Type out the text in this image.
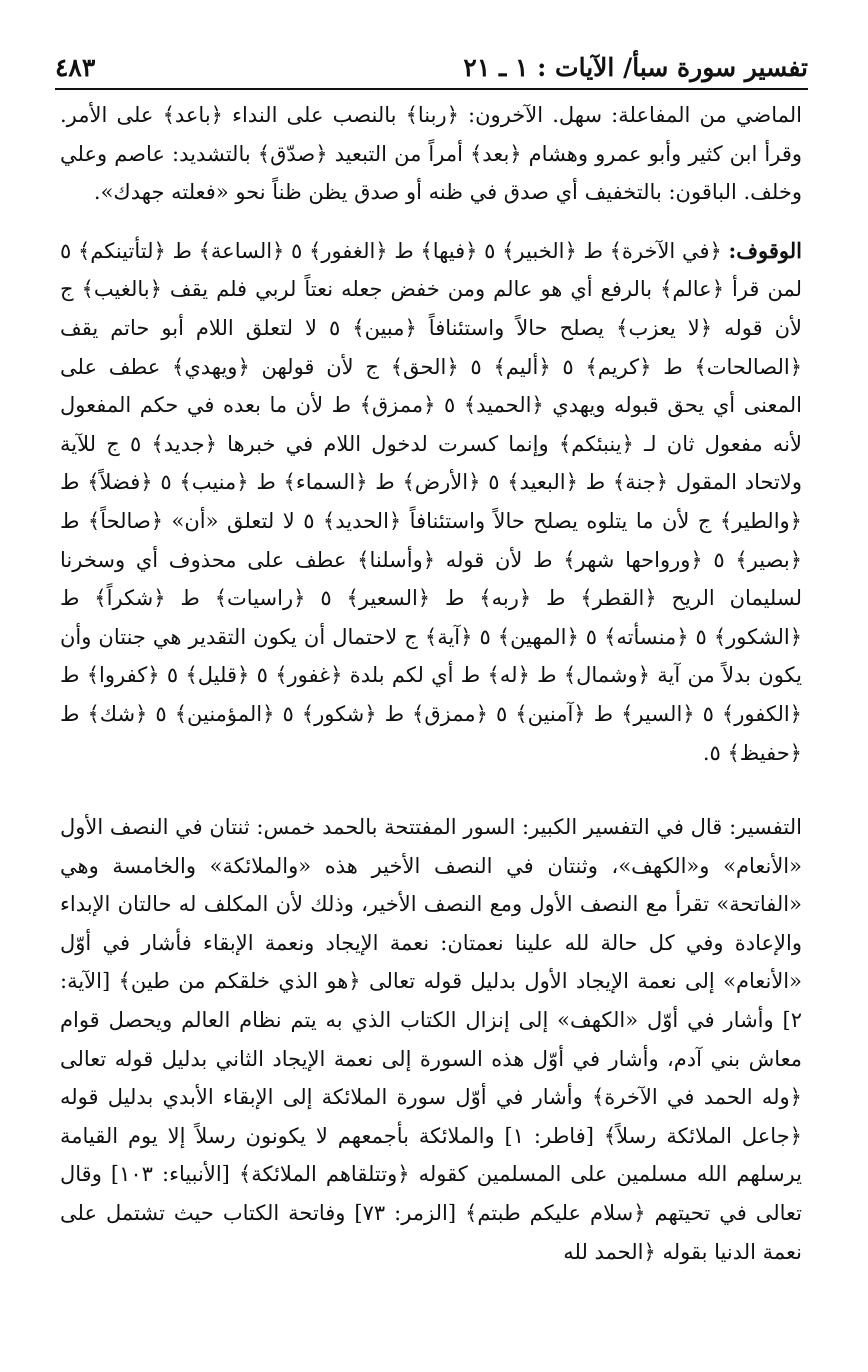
تفسير سورة سبأ/ الآيات : ١ ـ ٢١
٤٨٣

الماضي من المفاعلة: سهل. الآخرون: ﴿ربنا﴾ بالنصب على النداء ﴿باعد﴾ على الأمر. وقرأ ابن كثير وأبو عمرو وهشام ﴿بعد﴾ أمراً من التبعيد ﴿صدّق﴾ بالتشديد: عاصم وعلي وخلف. الباقون: بالتخفيف أي صدق في ظنه أو صدق يظن ظناً نحو «فعلته جهدك».

الوقوف: ﴿في الآخرة﴾ ط ﴿الخبير﴾ ٥ ﴿فيها﴾ ط ﴿الغفور﴾ ٥ ﴿الساعة﴾ ط ﴿لتأتينكم﴾ ٥ لمن قرأ ﴿عالم﴾ بالرفع أي هو عالم ومن خفض جعله نعتاً لربي فلم يقف ﴿بالغيب﴾ ج لأن قوله ﴿لا يعزب﴾ يصلح حالاً واستئنافاً ﴿مبين﴾ ٥ لا لتعلق اللام أبو حاتم يقف ﴿الصالحات﴾ ط ﴿كريم﴾ ٥ ﴿أليم﴾ ٥ ﴿الحق﴾ ج لأن قولهن ﴿ويهدي﴾ عطف على المعنى أي يحق قبوله ويهدي ﴿الحميد﴾ ٥ ﴿ممزق﴾ ط لأن ما بعده في حكم المفعول لأنه مفعول ثان لـ ﴿ينبئكم﴾ وإنما كسرت لدخول اللام في خبرها ﴿جديد﴾ ٥ ج للآية ولاتحاد المقول ﴿جنة﴾ ط ﴿البعيد﴾ ٥ ﴿الأرض﴾ ط ﴿السماء﴾ ط ﴿منيب﴾ ٥ ﴿فضلاً﴾ ط ﴿والطير﴾ ج لأن ما يتلوه يصلح حالاً واستئنافاً ﴿الحديد﴾ ٥ لا لتعلق «أن» ﴿صالحاً﴾ ط ﴿بصير﴾ ٥ ﴿ورواحها شهر﴾ ط لأن قوله ﴿وأسلنا﴾ عطف على محذوف أي وسخرنا لسليمان الريح ﴿القطر﴾ ط ﴿ربه﴾ ط ﴿السعير﴾ ٥ ﴿راسيات﴾ ط ﴿شكراً﴾ ط ﴿الشكور﴾ ٥ ﴿منسأته﴾ ٥ ﴿المهين﴾ ٥ ﴿آية﴾ ج لاحتمال أن يكون التقدير هي جنتان وأن يكون بدلاً من آية ﴿وشمال﴾ ط ﴿له﴾ ط أي لكم بلدة ﴿غفور﴾ ٥ ﴿قليل﴾ ٥ ﴿كفروا﴾ ط ﴿الكفور﴾ ٥ ﴿السير﴾ ط ﴿آمنين﴾ ٥ ﴿ممزق﴾ ط ﴿شكور﴾ ٥ ﴿المؤمنين﴾ ٥ ﴿شك﴾ ط ﴿حفيظ﴾ ٥.

التفسير: قال في التفسير الكبير: السور المفتتحة بالحمد خمس: ثنتان في النصف الأول «الأنعام» و«الكهف»، وثنتان في النصف الأخير هذه «والملائكة» والخامسة وهي «الفاتحة» تقرأ مع النصف الأول ومع النصف الأخير، وذلك لأن المكلف له حالتان الإبداء والإعادة وفي كل حالة لله علينا نعمتان: نعمة الإيجاد ونعمة الإبقاء فأشار في أوّل «الأنعام» إلى نعمة الإيجاد الأول بدليل قوله تعالى ﴿هو الذي خلقكم من طين﴾ [الآية: ٢] وأشار في أوّل «الكهف» إلى إنزال الكتاب الذي به يتم نظام العالم ويحصل قوام معاش بني آدم، وأشار في أوّل هذه السورة إلى نعمة الإيجاد الثاني بدليل قوله تعالى ﴿وله الحمد في الآخرة﴾ وأشار في أوّل سورة الملائكة إلى الإبقاء الأبدي بدليل قوله ﴿جاعل الملائكة رسلاً﴾ [فاطر: ١] والملائكة بأجمعهم لا يكونون رسلاً إلا يوم القيامة يرسلهم الله مسلمين على المسلمين كقوله ﴿وتتلقاهم الملائكة﴾ [الأنبياء: ١٠٣] وقال تعالى في تحيتهم ﴿سلام عليكم طبتم﴾ [الزمر: ٧٣] وفاتحة الكتاب حيث تشتمل على نعمة الدنيا بقوله ﴿الحمد لله
